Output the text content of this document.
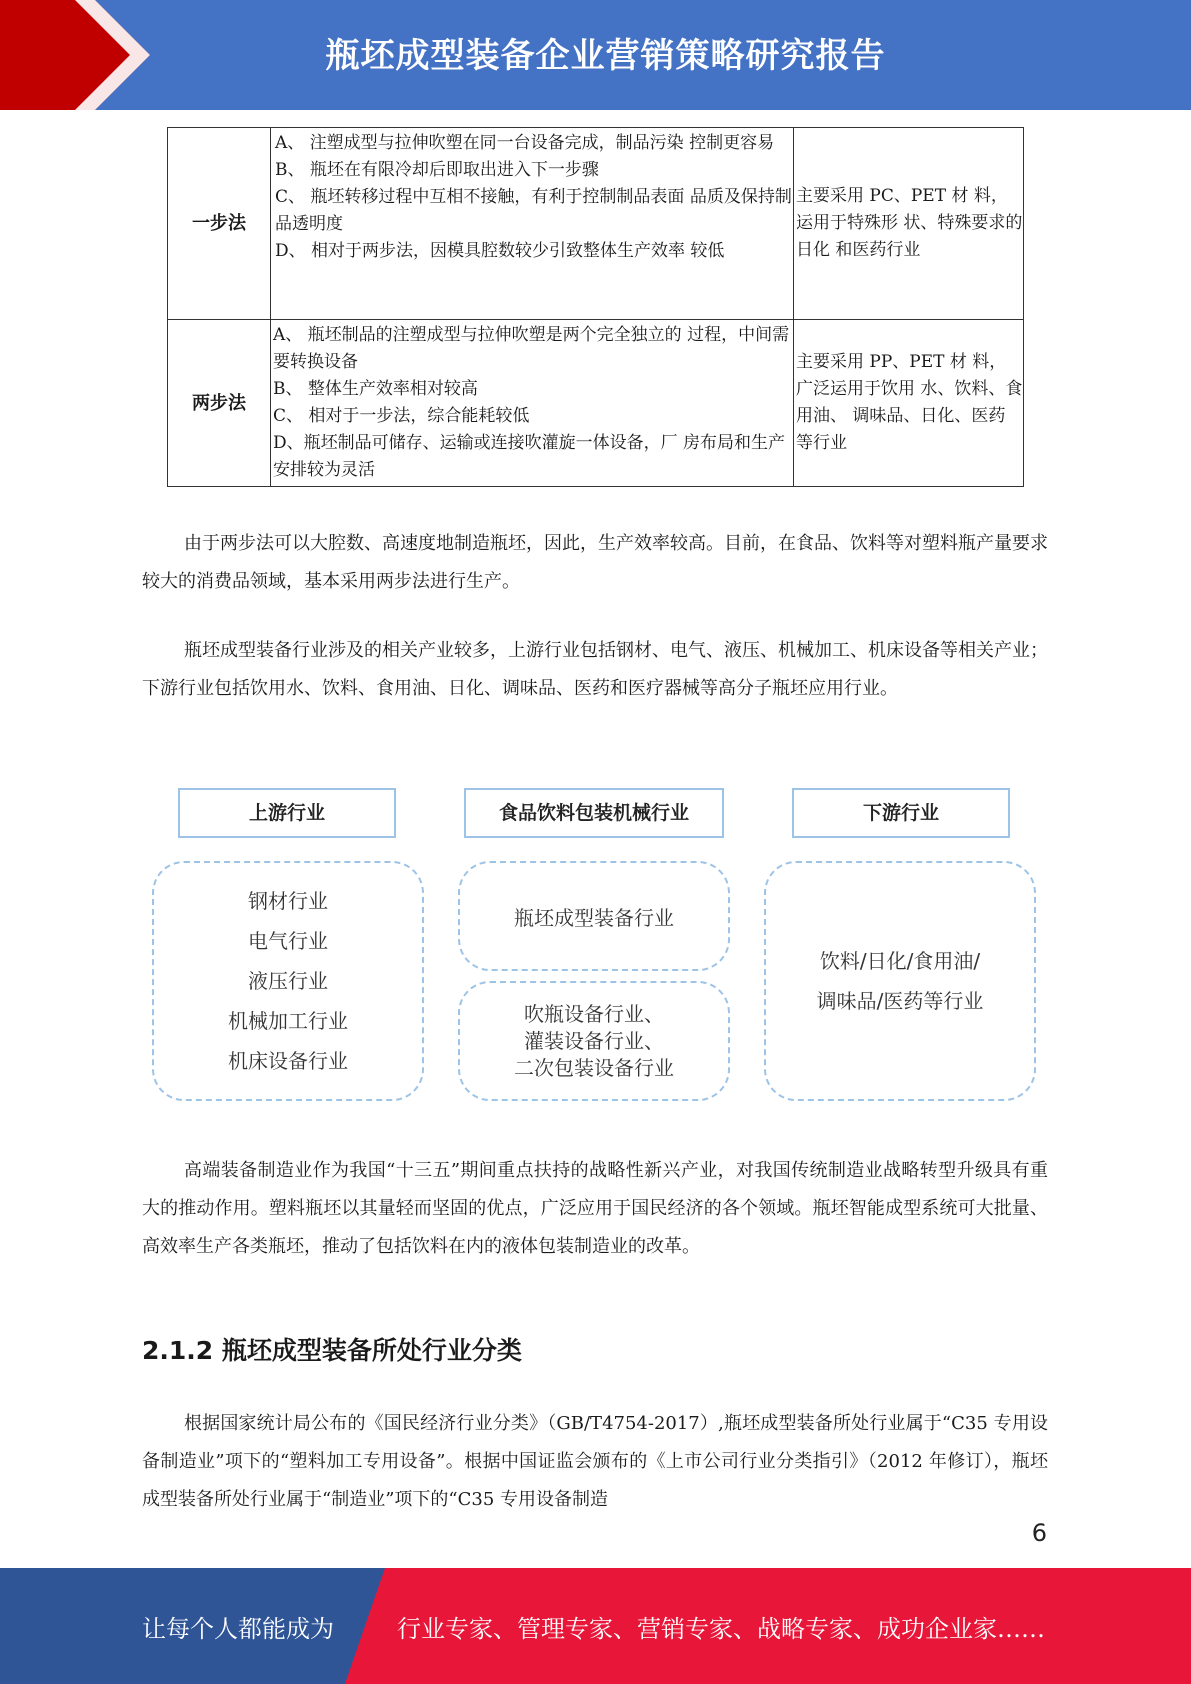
瓶坯成型装备企业营销策略研究报告
一步法	A、 注塑成型与拉伸吹塑在同一台设备完成，制品污染 控制更容易
B、 瓶坯在有限冷却后即取出进入下一步骤
C、 瓶坯转移过程中互相不接触，有利于控制制品表面 品质及保持制品透明度
D、 相对于两步法，因模具腔数较少引致整体生产效率 较低	主要采用 PC、PET 材 料，运用于特殊形 状、特殊要求的日化 和医药行业
两步法	A、 瓶坯制品的注塑成型与拉伸吹塑是两个完全独立的 过程，中间需要转换设备
B、 整体生产效率相对较高
C、 相对于一步法，综合能耗较低
D、瓶坯制品可储存、运输或连接吹灌旋一体设备，厂 房布局和生产安排较为灵活	主要采用 PP、PET 材 料，广泛运用于饮用 水、饮料、食用油、 调味品、日化、医药 等行业
由于两步法可以大腔数、高速度地制造瓶坯，因此，生产效率较高。目前，在食品、饮料等对塑料瓶产量要求较大的消费品领域，基本采用两步法进行生产。
瓶坯成型装备行业涉及的相关产业较多，上游行业包括钢材、电气、液压、机械加工、机床设备等相关产业；下游行业包括饮用水、饮料、食用油、日化、调味品、医药和医疗器械等高分子瓶坯应用行业。
上游行业	食品饮料包装机械行业	下游行业
钢材行业
电气行业
液压行业
机械加工行业
机床设备行业
瓶坯成型装备行业
吹瓶设备行业、
灌装设备行业、
二次包装设备行业
饮料/日化/食用油/
调味品/医药等行业
高端装备制造业作为我国“十三五”期间重点扶持的战略性新兴产业，对我国传统制造业战略转型升级具有重大的推动作用。塑料瓶坯以其量轻而坚固的优点，广泛应用于国民经济的各个领域。瓶坯智能成型系统可大批量、高效率生产各类瓶坯，推动了包括饮料在内的液体包装制造业的改革。
2.1.2 瓶坯成型装备所处行业分类
根据国家统计局公布的《国民经济行业分类》（GB/T4754-2017）,瓶坯成型装备所处行业属于“C35 专用设备制造业”项下的“塑料加工专用设备”。根据中国证监会颁布的《上市公司行业分类指引》（2012 年修订），瓶坯成型装备所处行业属于“制造业”项下的“C35 专用设备制造
6
让每个人都能成为	行业专家、管理专家、营销专家、战略专家、成功企业家……
